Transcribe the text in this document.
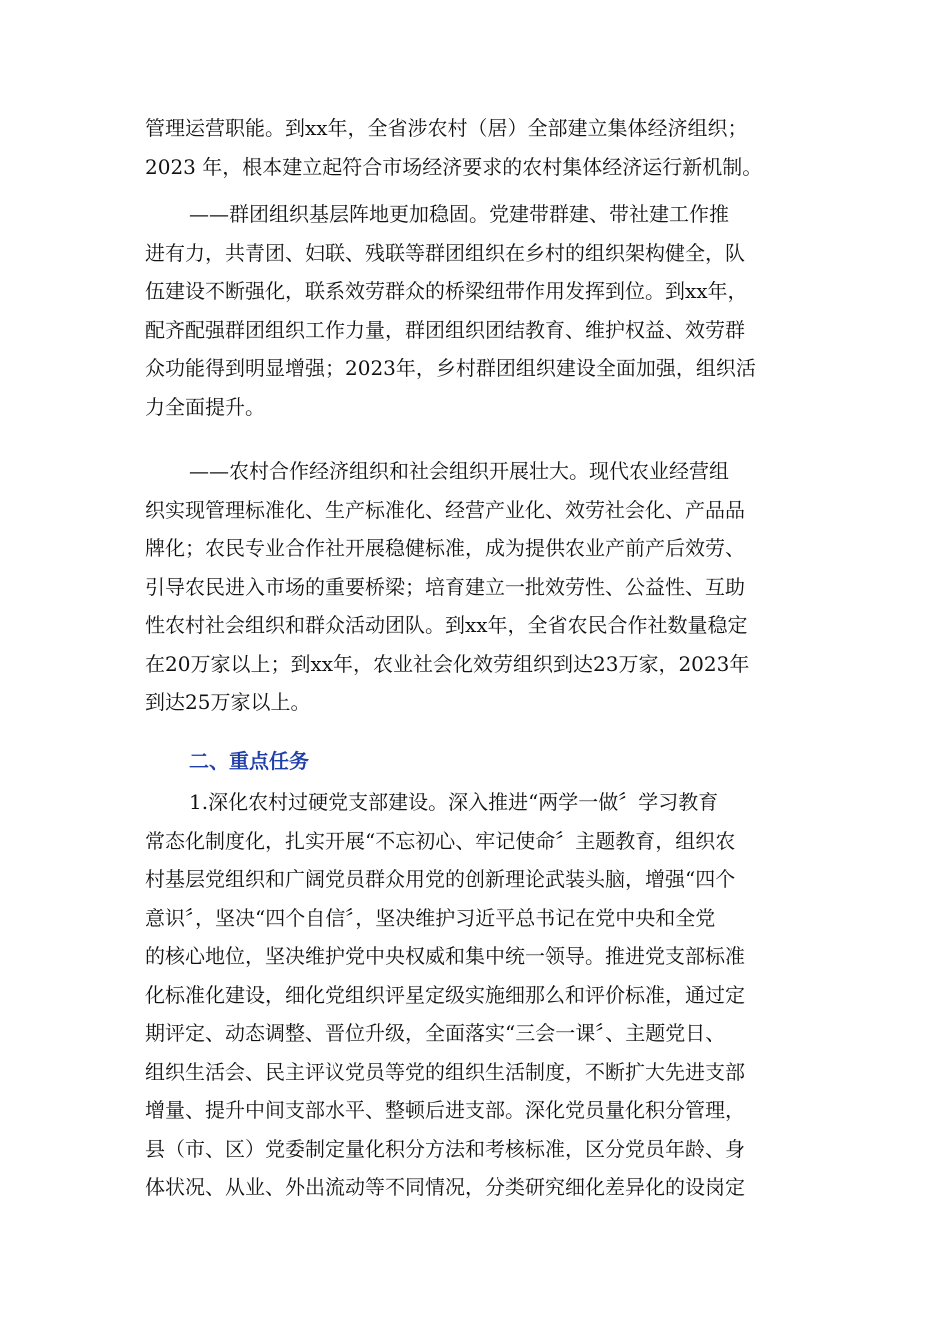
管理运营职能。到xx年，全省涉农村（居）全部建立集体经济组织；
2023 年，根本建立起符合市场经济要求的农村集体经济运行新机制。
——群团组织基层阵地更加稳固。党建带群建、带社建工作推
进有力，共青团、妇联、残联等群团组织在乡村的组织架构健全，队
伍建设不断强化，联系效劳群众的桥梁纽带作用发挥到位。到xx年，
配齐配强群团组织工作力量，群团组织团结教育、维护权益、效劳群
众功能得到明显增强；2023年，乡村群团组织建设全面加强，组织活
力全面提升。
——农村合作经济组织和社会组织开展壮大。现代农业经营组
织实现管理标准化、生产标准化、经营产业化、效劳社会化、产品品
牌化；农民专业合作社开展稳健标准，成为提供农业产前产后效劳、
引导农民进入市场的重要桥梁；培育建立一批效劳性、公益性、互助
性农村社会组织和群众活动团队。到xx年，全省农民合作社数量稳定
在20万家以上；到xx年，农业社会化效劳组织到达23万家，2023年
到达25万家以上。
二、重点任务
1.深化农村过硬党支部建设。深入推进“两学一做〞学习教育
常态化制度化，扎实开展“不忘初心、牢记使命〞主题教育，组织农
村基层党组织和广阔党员群众用党的创新理论武装头脑，增强“四个
意识〞，坚决“四个自信〞，坚决维护习近平总书记在党中央和全党
的核心地位，坚决维护党中央权威和集中统一领导。推进党支部标准
化标准化建设，细化党组织评星定级实施细那么和评价标准，通过定
期评定、动态调整、晋位升级，全面落实“三会一课〞、主题党日、
组织生活会、民主评议党员等党的组织生活制度，不断扩大先进支部
增量、提升中间支部水平、整顿后进支部。深化党员量化积分管理，
县（市、区）党委制定量化积分方法和考核标准，区分党员年龄、身
体状况、从业、外出流动等不同情况，分类研究细化差异化的设岗定
